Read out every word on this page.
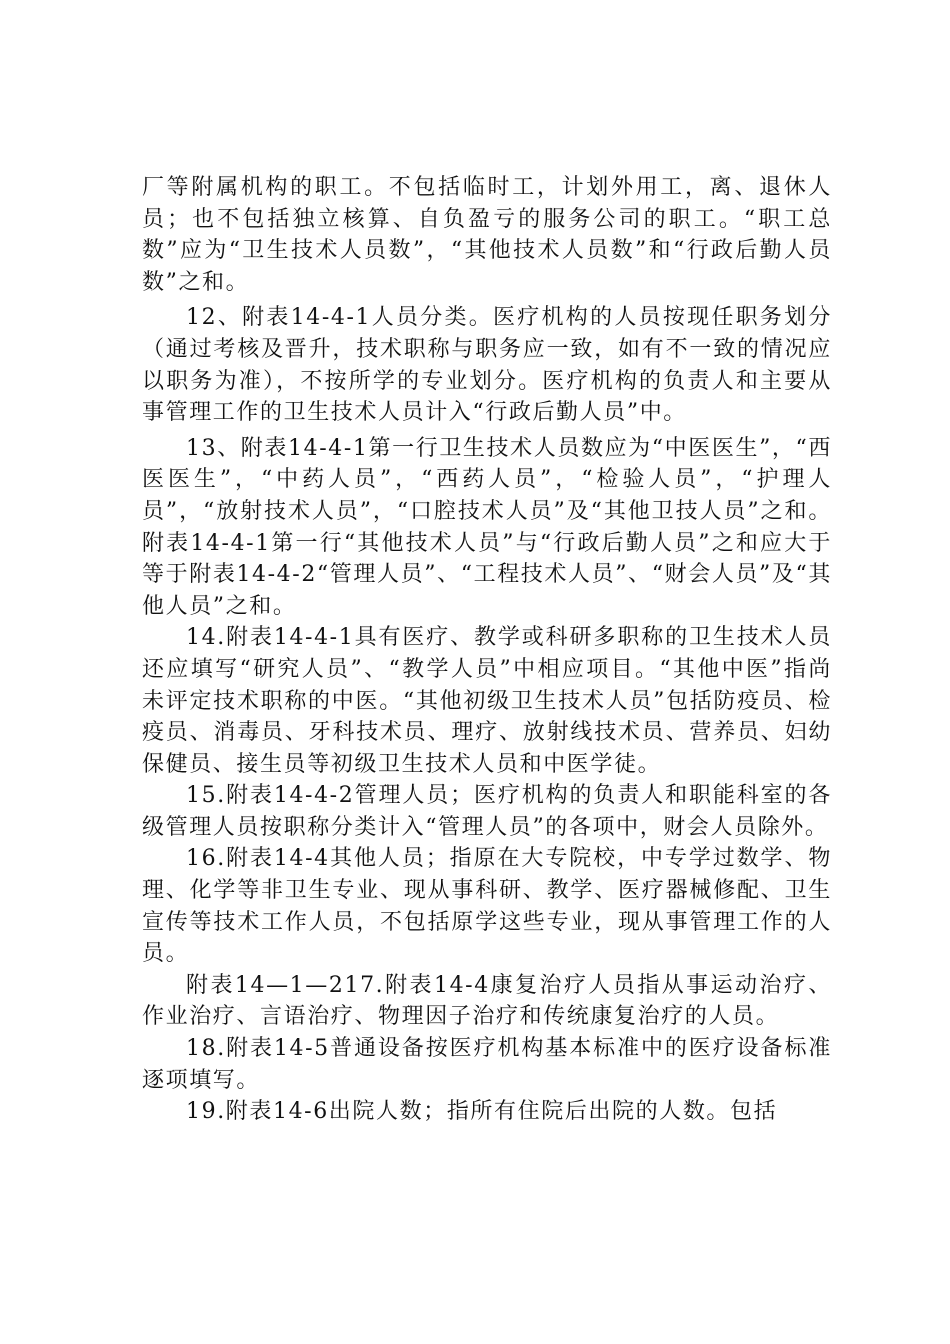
厂等附属机构的职工。不包括临时工，计划外用工，离、退休人员；也不包括独立核算、自负盈亏的服务公司的职工。“职工总数”应为“卫生技术人员数”，“其他技术人员数”和“行政后勤人员数”之和。

12、附表14-4-1人员分类。医疗机构的人员按现任职务划分（通过考核及晋升，技术职称与职务应一致，如有不一致的情况应以职务为准），不按所学的专业划分。医疗机构的负责人和主要从事管理工作的卫生技术人员计入“行政后勤人员”中。

13、附表14-4-1第一行卫生技术人员数应为“中医医生”，“西医医生”，“中药人员”，“西药人员”，“检验人员”，“护理人员”，“放射技术人员”，“口腔技术人员”及“其他卫技人员”之和。附表14-4-1第一行“其他技术人员”与“行政后勤人员”之和应大于等于附表14-4-2“管理人员”、“工程技术人员”、“财会人员”及“其他人员”之和。

14.附表14-4-1具有医疗、教学或科研多职称的卫生技术人员还应填写“研究人员”、“教学人员”中相应项目。“其他中医”指尚未评定技术职称的中医。“其他初级卫生技术人员”包括防疫员、检疫员、消毒员、牙科技术员、理疗、放射线技术员、营养员、妇幼保健员、接生员等初级卫生技术人员和中医学徒。

15.附表14-4-2管理人员；医疗机构的负责人和职能科室的各级管理人员按职称分类计入“管理人员”的各项中，财会人员除外。

16.附表14-4其他人员；指原在大专院校，中专学过数学、物理、化学等非卫生专业、现从事科研、教学、医疗器械修配、卫生宣传等技术工作人员，不包括原学这些专业，现从事管理工作的人员。

附表14—1—217.附表14-4康复治疗人员指从事运动治疗、作业治疗、言语治疗、物理因子治疗和传统康复治疗的人员。

18.附表14-5普通设备按医疗机构基本标准中的医疗设备标准逐项填写。

19.附表14-6出院人数；指所有住院后出院的人数。包括
